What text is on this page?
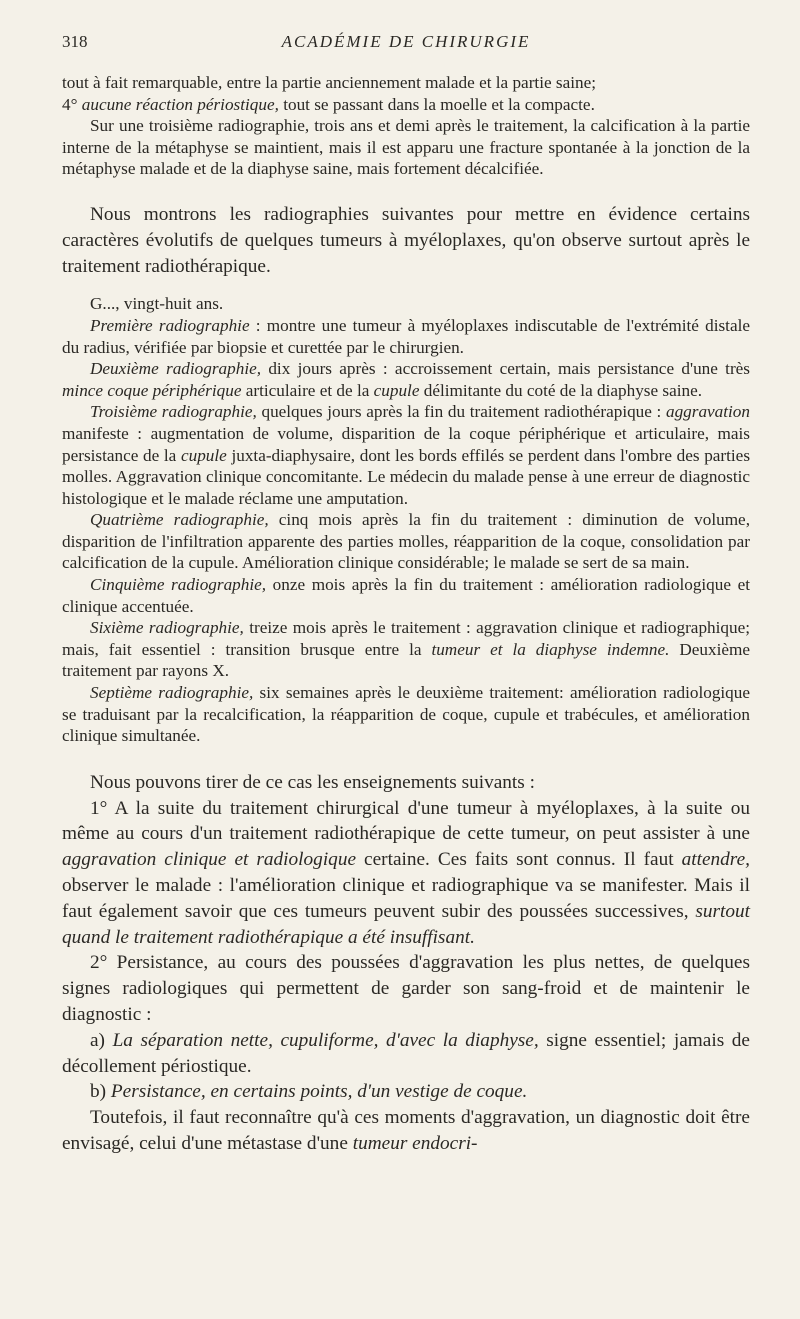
318	ACADÉMIE DE CHIRURGIE

tout à fait remarquable, entre la partie anciennement malade et la partie saine;

4° aucune réaction périostique, tout se passant dans la moelle et la compacte.

Sur une troisième radiographie, trois ans et demi après le traitement, la calcification à la partie interne de la métaphyse se maintient, mais il est apparu une fracture spontanée à la jonction de la métaphyse malade et de la diaphyse saine, mais fortement décalcifiée.

Nous montrons les radiographies suivantes pour mettre en évidence certains caractères évolutifs de quelques tumeurs à myéloplaxes, qu'on observe surtout après le traitement radiothérapique.

G..., vingt-huit ans.

Première radiographie : montre une tumeur à myéloplaxes indiscutable de l'extrémité distale du radius, vérifiée par biopsie et curettée par le chirurgien.

Deuxième radiographie, dix jours après : accroissement certain, mais persistance d'une très mince coque périphérique articulaire et de la cupule délimitante du coté de la diaphyse saine.

Troisième radiographie, quelques jours après la fin du traitement radiothérapique : aggravation manifeste : augmentation de volume, disparition de la coque périphérique et articulaire, mais persistance de la cupule juxta-diaphysaire, dont les bords effilés se perdent dans l'ombre des parties molles. Aggravation clinique concomitante. Le médecin du malade pense à une erreur de diagnostic histologique et le malade réclame une amputation.

Quatrième radiographie, cinq mois après la fin du traitement : diminution de volume, disparition de l'infiltration apparente des parties molles, réapparition de la coque, consolidation par calcification de la cupule. Amélioration clinique considérable; le malade se sert de sa main.

Cinquième radiographie, onze mois après la fin du traitement : amélioration radiologique et clinique accentuée.

Sixième radiographie, treize mois après le traitement : aggravation clinique et radiographique; mais, fait essentiel : transition brusque entre la tumeur et la diaphyse indemne. Deuxième traitement par rayons X.

Septième radiographie, six semaines après le deuxième traitement: amélioration radiologique se traduisant par la recalcification, la réapparition de coque, cupule et trabécules, et amélioration clinique simultanée.

Nous pouvons tirer de ce cas les enseignements suivants :

1° A la suite du traitement chirurgical d'une tumeur à myéloplaxes, à la suite ou même au cours d'un traitement radiothérapique de cette tumeur, on peut assister à une aggravation clinique et radiologique certaine. Ces faits sont connus. Il faut attendre, observer le malade : l'amélioration clinique et radiographique va se manifester. Mais il faut également savoir que ces tumeurs peuvent subir des poussées successives, surtout quand le traitement radiothérapique a été insuffisant.

2° Persistance, au cours des poussées d'aggravation les plus nettes, de quelques signes radiologiques qui permettent de garder son sang-froid et de maintenir le diagnostic :

a) La séparation nette, cupuliforme, d'avec la diaphyse, signe essentiel; jamais de décollement périostique.

b) Persistance, en certains points, d'un vestige de coque.

Toutefois, il faut reconnaître qu'à ces moments d'aggravation, un diagnostic doit être envisagé, celui d'une métastase d'une tumeur endocri-
